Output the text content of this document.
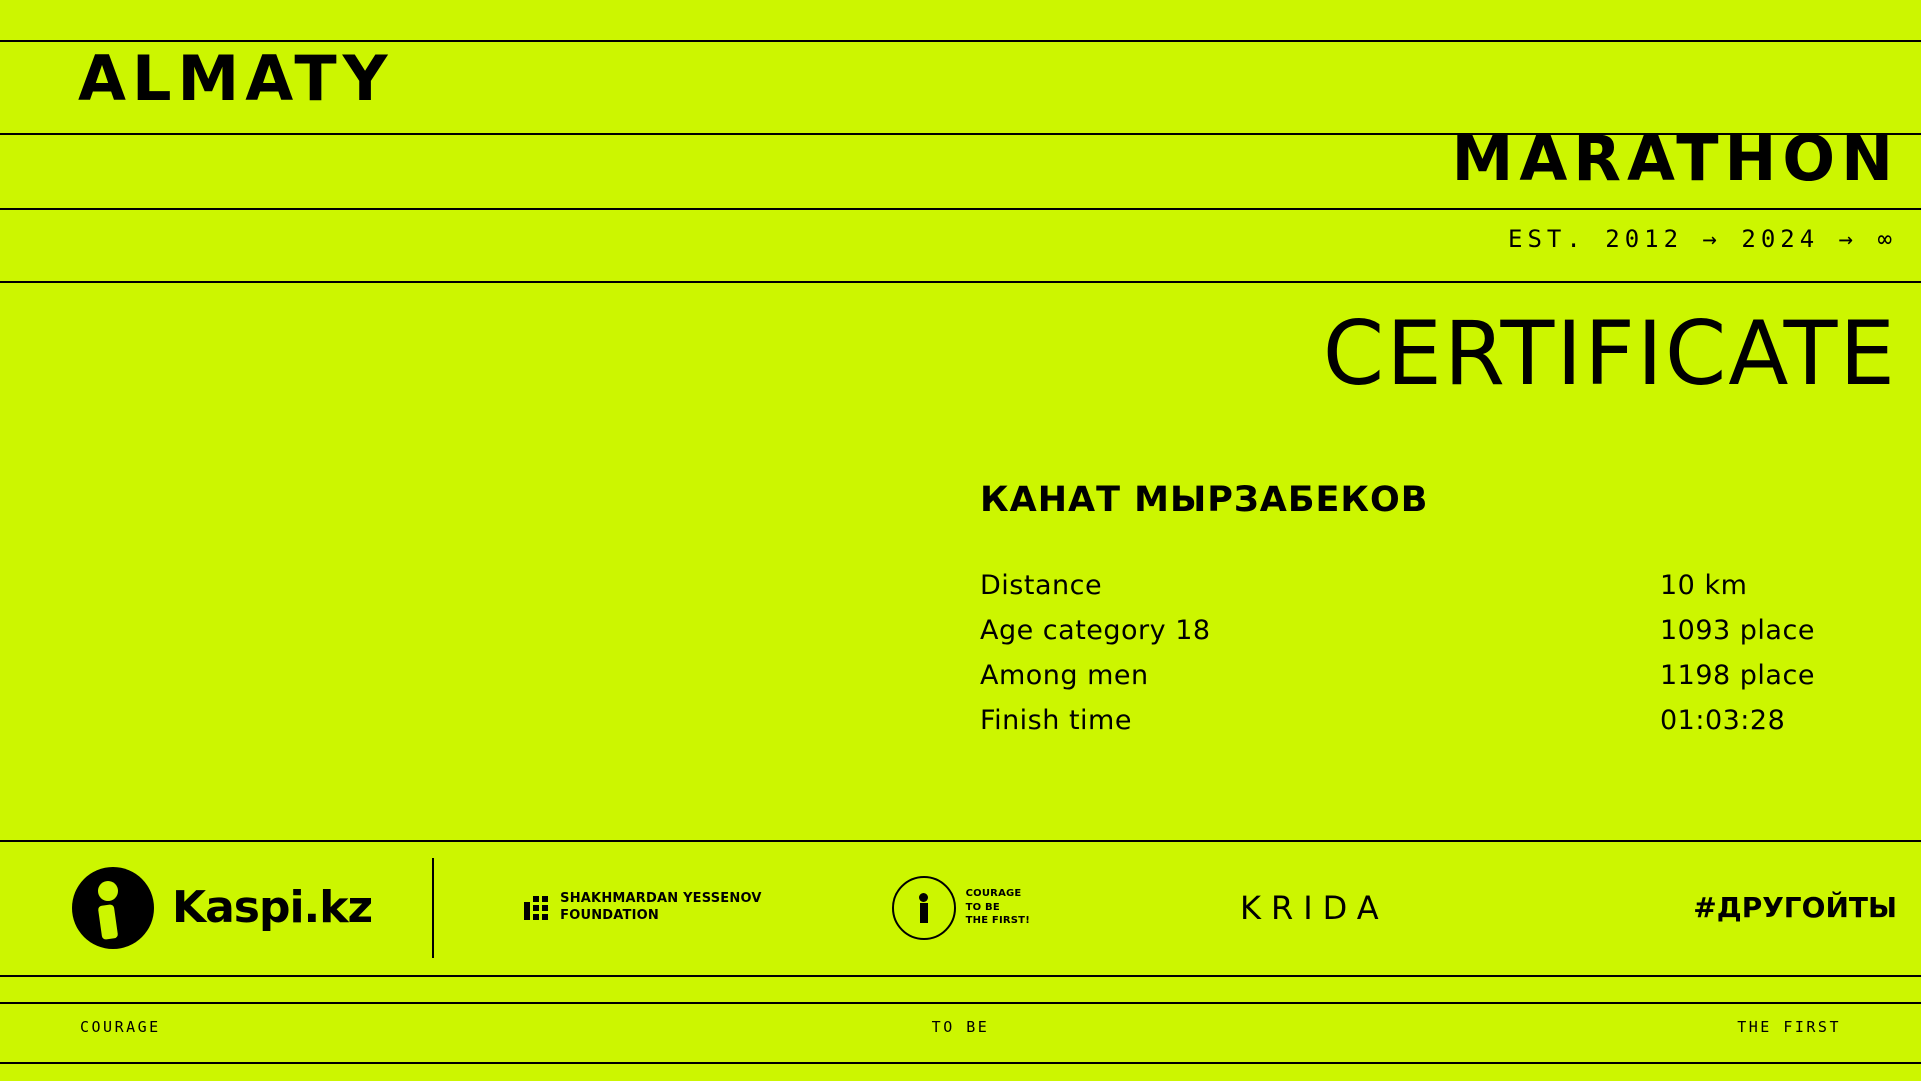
ALMATY
MARATHON
EST. 2012 → 2024 → ∞
CERTIFICATE
КАНАТ МЫРЗАБЕКОВ
Distance	10 km
Age category 18	1093 place
Among men	1198 place
Finish time	01:03:28
Kaspi.kz	SHAKHMARDAN YESSENOV
FOUNDATION
COURAGE
TO BE
THE FIRST!	KRIDA	#ДРУГОЙТЫ
COURAGE	TO BE	THE FIRST
